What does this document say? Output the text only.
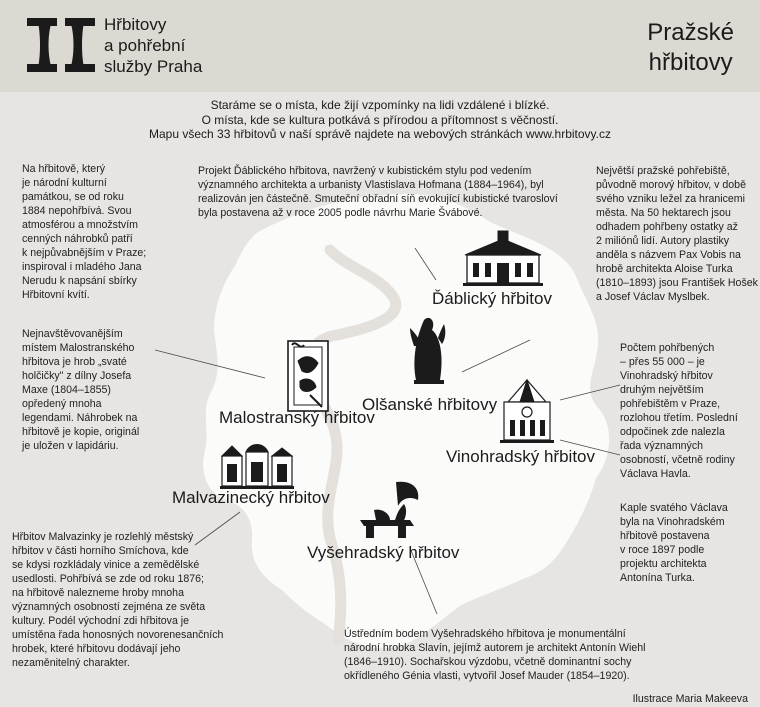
Hřbitovy
a pohřební
služby Praha
Pražské
hřbitovy
Staráme se o místa, kde žijí vzpomínky na lidi vzdálené i blízké.
O místa, kde se kultura potkává s přírodou a přítomnost s věčností.
Mapu všech 33 hřbitovů v naší správě najdete na webových stránkách www.hrbitovy.cz
Na hřbitově, který
je národní kulturní
památkou, se od roku
1884 nepohřbívá. Svou
atmosférou a množstvím
cenných náhrobků patří
k nejpůvabnějším v Praze;
inspiroval i mladého Jana
Nerudu k napsání sbírky
Hřbitovní kvítí.
Nejnavštěvovanějším
místem Malostranského
hřbitova je hrob „svaté
holčičky" z dílny Josefa
Maxe (1804–1855)
opředený mnoha
legendami. Náhrobek na
hřbitově je kopie, originál
je uložen v lapidáriu.
Projekt Ďáblického hřbitova, navržený v kubistickém stylu pod vedením
významného architekta a urbanisty Vlastislava Hofmana (1884–1964), byl
realizován jen částečně. Smuteční obřadní síň evokující kubistické tvarosloví
byla postavena až v roce 2005 podle návrhu Marie Švábové.
Největší pražské pohřebiště,
původně morový hřbitov, v době
svého vzniku ležel za hranicemi
města. Na 50 hektarech jsou
odhadem pohřbeny ostatky až
2 miliónů lidí. Autory plastiky
anděla s názvem Pax Vobis na
hrobě architekta Aloise Turka
(1810–1893) jsou František Hošek
a Josef Václav Myslbek.
Počtem pohřbených
– přes 55 000 – je
Vinohradský hřbitov
druhým největším
pohřebištěm v Praze,
rozlohou třetím. Poslední
odpočinek zde nalezla
řada významných
osobností, včetně rodiny
Václava Havla.
Kaple svatého Václava
byla na Vinohradském
hřbitově postavena
v roce 1897 podle
projektu architekta
Antonína Turka.
Hřbitov Malvazinky je rozlehlý městský
hřbitov v části horního Smíchova, kde
se kdysi rozkládaly vinice a zemědělské
usedlosti. Pohřbívá se zde od roku 1876;
na hřbitově nalezneme hroby mnoha
významných osobností zejména ze světa
kultury. Podél východní zdi hřbitova je
umístěna řada honosných novorenesančních
hrobek, které hřbitovu dodávají jeho
nezaměnitelný charakter.
Ústředním bodem Vyšehradského hřbitova je monumentální
národní hrobka Slavín, jejímž autorem je architekt Antonín Wiehl
(1846–1910). Sochařskou výzdobu, včetně dominantní sochy
okřídleného Génia vlasti, vytvořil Josef Mauder (1854–1920).
Ďáblický hřbitov
Olšanské hřbitovy
Malostranský hřbitov
Vinohradský hřbitov
Malvazinecký hřbitov
Vyšehradský hřbitov
Ilustrace Maria Makeeva
